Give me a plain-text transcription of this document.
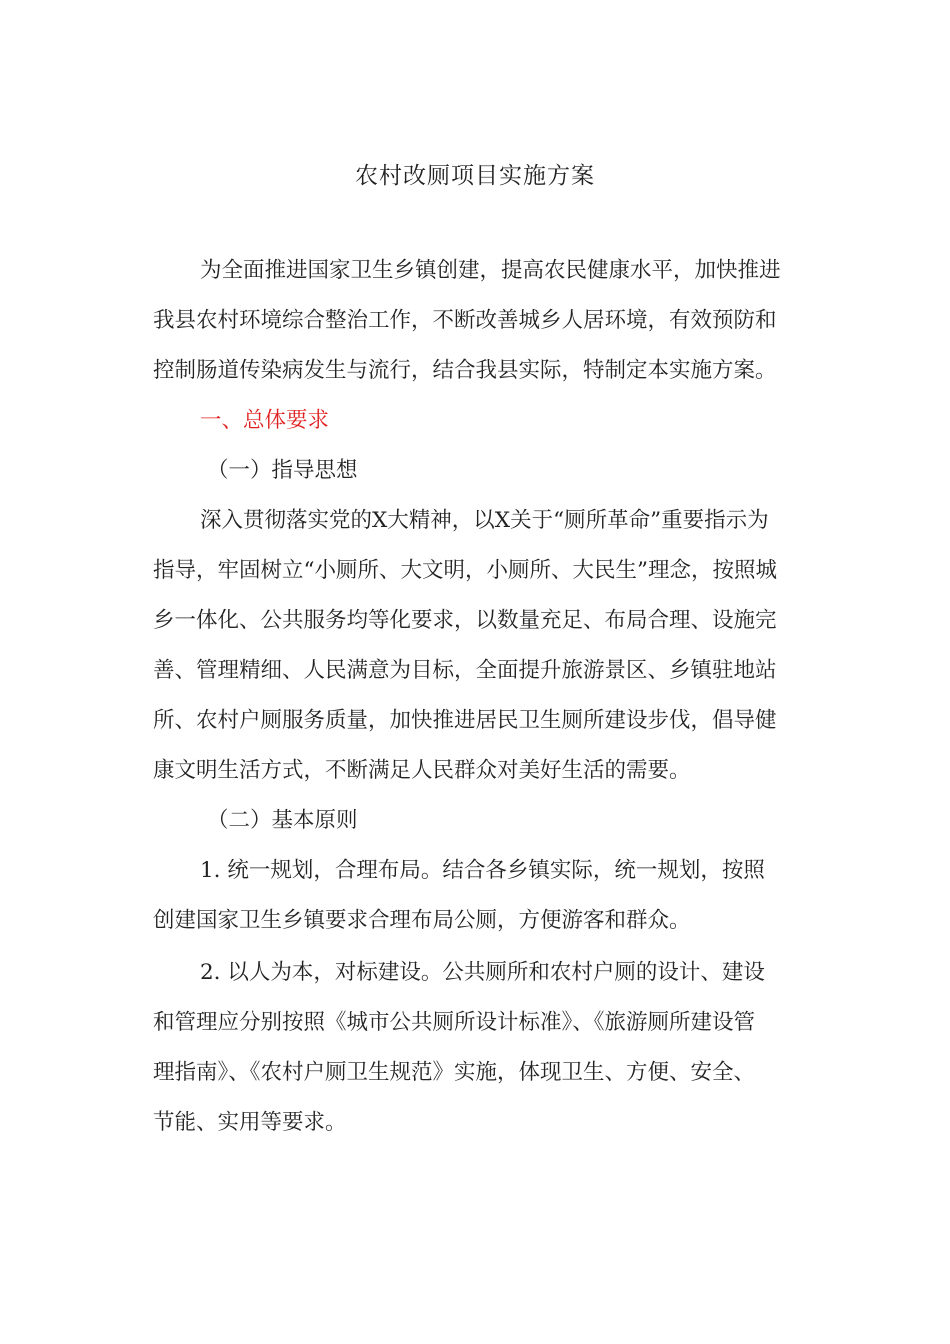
农村改厕项目实施方案

为全面推进国家卫生乡镇创建，提高农民健康水平，加快推进

我县农村环境综合整治工作，不断改善城乡人居环境，有效预防和

控制肠道传染病发生与流行，结合我县实际，特制定本实施方案。

一、总体要求

（一）指导思想

深入贯彻落实党的X大精神，以X关于“厕所革命”重要指示为

指导，牢固树立“小厕所、大文明，小厕所、大民生”理念，按照城

乡一体化、公共服务均等化要求，以数量充足、布局合理、设施完

善、管理精细、人民满意为目标，全面提升旅游景区、乡镇驻地站

所、农村户厕服务质量，加快推进居民卫生厕所建设步伐，倡导健

康文明生活方式，不断满足人民群众对美好生活的需要。

（二）基本原则

1. 统一规划，合理布局。结合各乡镇实际，统一规划，按照

创建国家卫生乡镇要求合理布局公厕，方便游客和群众。

2. 以人为本，对标建设。公共厕所和农村户厕的设计、建设

和管理应分别按照《城市公共厕所设计标准》、《旅游厕所建设管

理指南》、《农村户厕卫生规范》实施，体现卫生、方便、安全、

节能、实用等要求。
